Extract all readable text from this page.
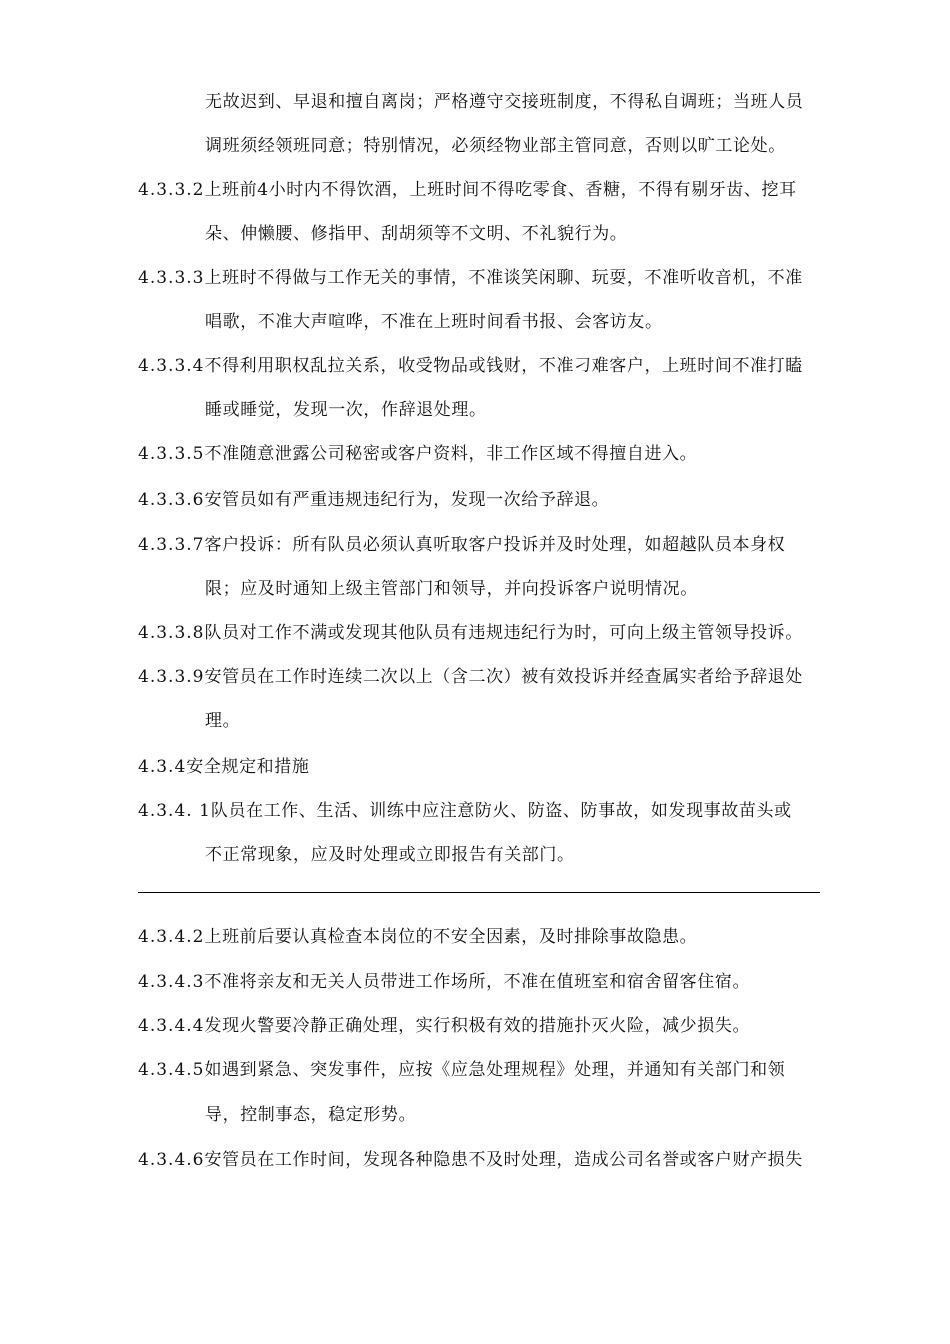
无故迟到、早退和擅自离岗；严格遵守交接班制度，不得私自调班；当班人员
调班须经领班同意；特别情况，必须经物业部主管同意，否则以旷工论处。
4.3.3.2上班前4小时内不得饮酒，上班时间不得吃零食、香糖，不得有剔牙齿、挖耳
朵、伸懒腰、修指甲、刮胡须等不文明、不礼貌行为。
4.3.3.3上班时不得做与工作无关的事情，不准谈笑闲聊、玩耍，不准听收音机，不准
唱歌，不准大声喧哗，不准在上班时间看书报、会客访友。
4.3.3.4不得利用职权乱拉关系，收受物品或钱财，不准刁难客户，上班时间不准打瞌
睡或睡觉，发现一次，作辞退处理。
4.3.3.5不准随意泄露公司秘密或客户资料，非工作区域不得擅自进入。
4.3.3.6安管员如有严重违规违纪行为，发现一次给予辞退。
4.3.3.7客户投诉：所有队员必须认真听取客户投诉并及时处理，如超越队员本身权
限；应及时通知上级主管部门和领导，并向投诉客户说明情况。
4.3.3.8队员对工作不满或发现其他队员有违规违纪行为时，可向上级主管领导投诉。
4.3.3.9安管员在工作时连续二次以上（含二次）被有效投诉并经查属实者给予辞退处
理。
4.3.4安全规定和措施
4.3.4. 1队员在工作、生活、训练中应注意防火、防盗、防事故，如发现事故苗头或
不正常现象，应及时处理或立即报告有关部门。
4.3.4.2上班前后要认真检查本岗位的不安全因素，及时排除事故隐患。
4.3.4.3不准将亲友和无关人员带进工作场所，不准在值班室和宿舍留客住宿。
4.3.4.4发现火警要冷静正确处理，实行积极有效的措施扑灭火险，减少损失。
4.3.4.5如遇到紧急、突发事件，应按《应急处理规程》处理，并通知有关部门和领
导，控制事态，稳定形势。
4.3.4.6安管员在工作时间，发现各种隐患不及时处理，造成公司名誉或客户财产损失
